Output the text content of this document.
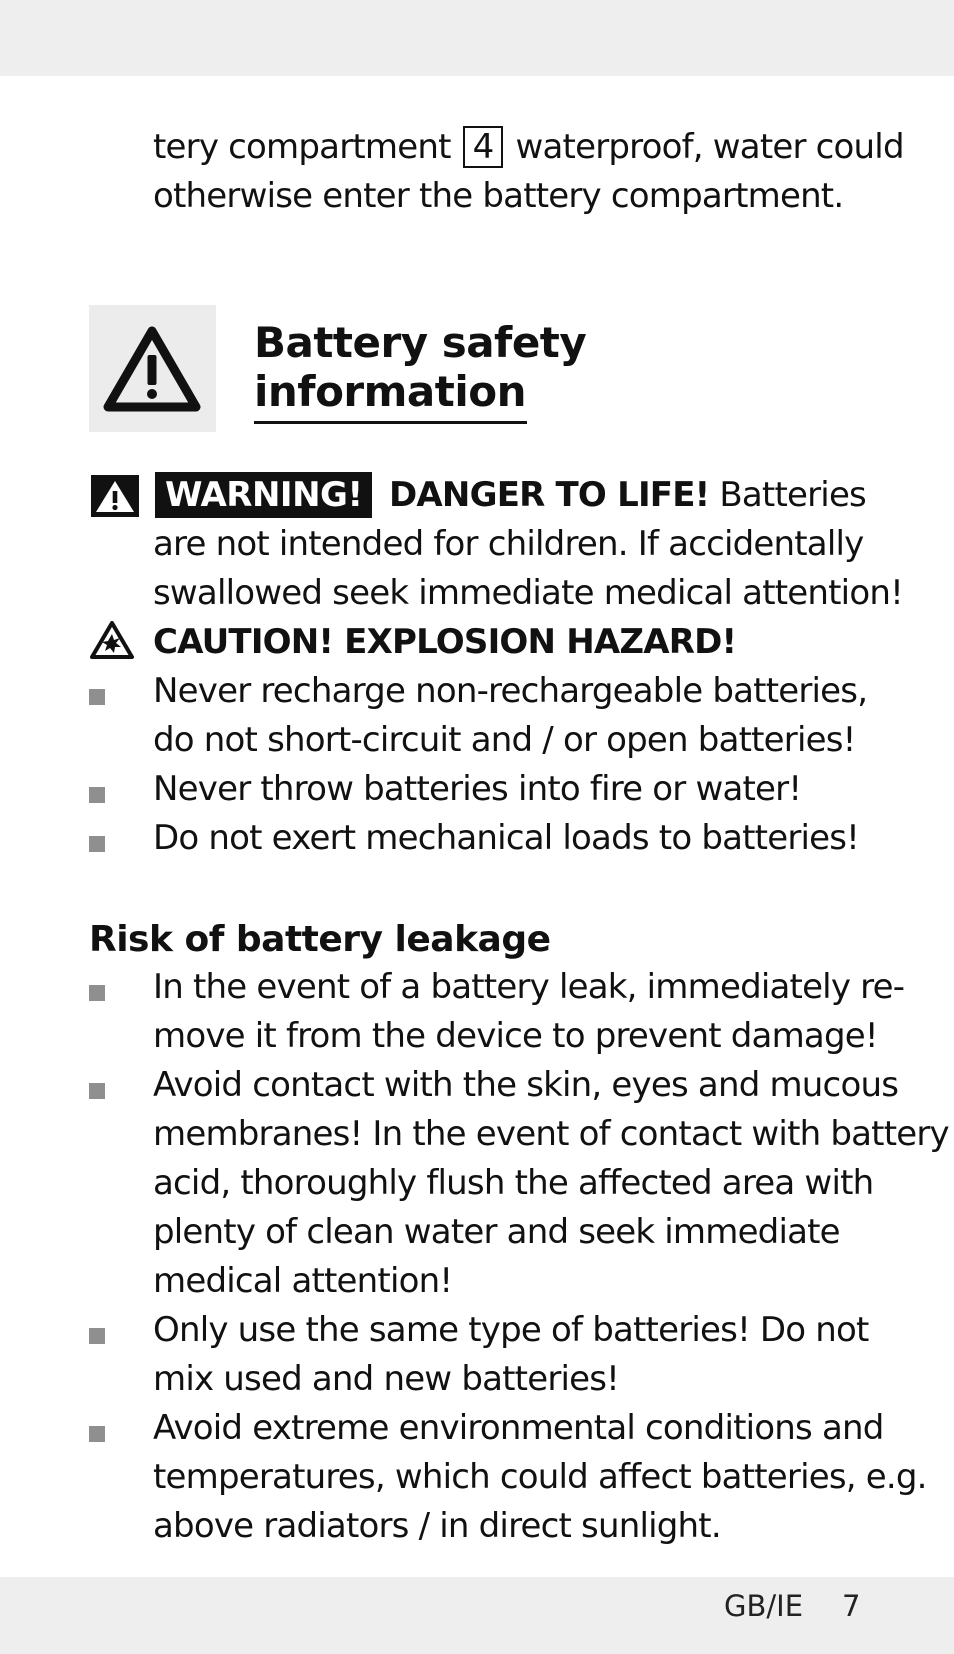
tery compartment 4 waterproof, water could
otherwise enter the battery compartment.
Battery safety
information
WARNING! DANGER TO LIFE! Batteries
are not intended for children. If accidentally
swallowed seek immediate medical attention!
CAUTION! EXPLOSION HAZARD!
Never recharge non-rechargeable batteries,
do not short-circuit and / or open batteries!
Never throw batteries into fire or water!
Do not exert mechanical loads to batteries!
Risk of battery leakage
In the event of a battery leak, immediately re-
move it from the device to prevent damage!
Avoid contact with the skin, eyes and mucous
membranes! In the event of contact with battery
acid, thoroughly flush the affected area with
plenty of clean water and seek immediate
medical attention!
Only use the same type of batteries! Do not
mix used and new batteries!
Avoid extreme environmental conditions and
temperatures, which could affect batteries, e.g.
above radiators / in direct sunlight.
GB/IE 7
